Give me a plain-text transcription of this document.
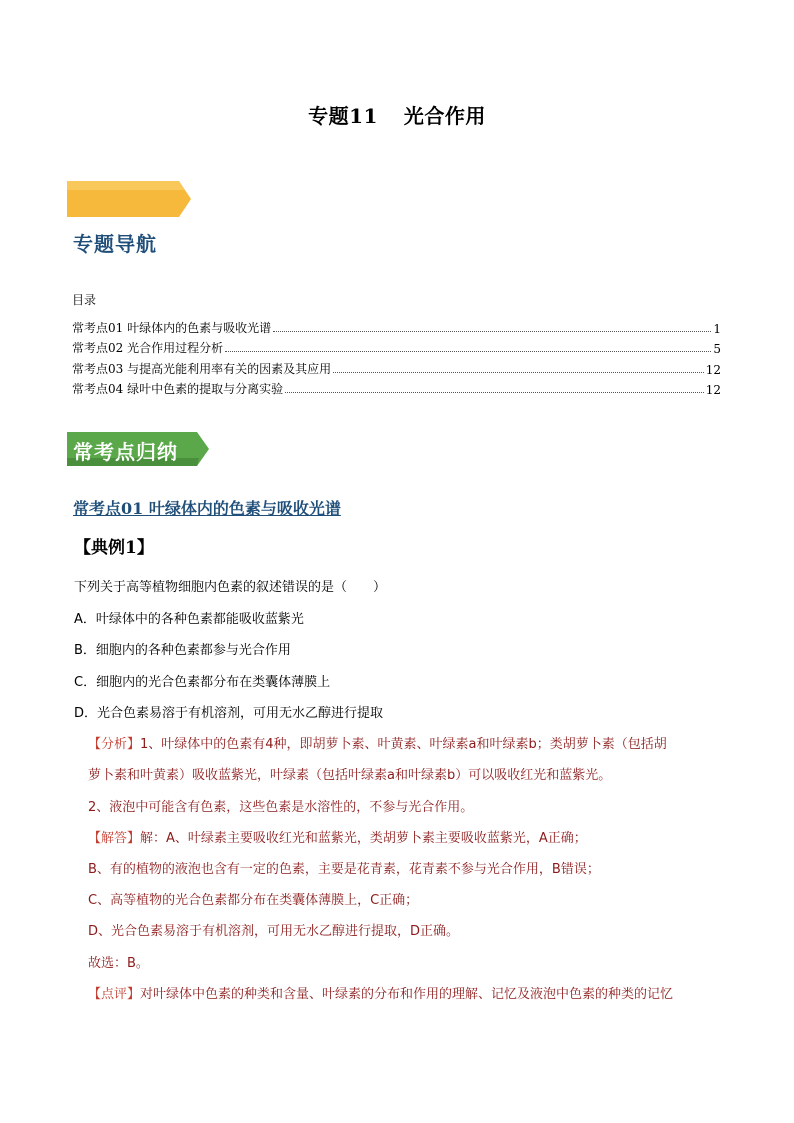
专题11 光合作用
专题导航
目录
常考点01 叶绿体内的色素与吸收光谱	1
常考点02 光合作用过程分析	5
常考点03 与提高光能利用率有关的因素及其应用	12
常考点04 绿叶中色素的提取与分离实验	12
常考点归纳
常考点01 叶绿体内的色素与吸收光谱
【典例1】
下列关于高等植物细胞内色素的叙述错误的是（　　）
A．叶绿体中的各种色素都能吸收蓝紫光
B．细胞内的各种色素都参与光合作用
C．细胞内的光合色素都分布在类囊体薄膜上
D．光合色素易溶于有机溶剂，可用无水乙醇进行提取
【分析】1、叶绿体中的色素有4种，即胡萝卜素、叶黄素、叶绿素a和叶绿素b；类胡萝卜素（包括胡
萝卜素和叶黄素）吸收蓝紫光，叶绿素（包括叶绿素a和叶绿素b）可以吸收红光和蓝紫光。
2、液泡中可能含有色素，这些色素是水溶性的，不参与光合作用。
【解答】解：A、叶绿素主要吸收红光和蓝紫光，类胡萝卜素主要吸收蓝紫光，A正确；
B、有的植物的液泡也含有一定的色素，主要是花青素，花青素不参与光合作用，B错误；
C、高等植物的光合色素都分布在类囊体薄膜上，C正确；
D、光合色素易溶于有机溶剂，可用无水乙醇进行提取，D正确。
故选：B。
【点评】对叶绿体中色素的种类和含量、叶绿素的分布和作用的理解、记忆及液泡中色素的种类的记忆
